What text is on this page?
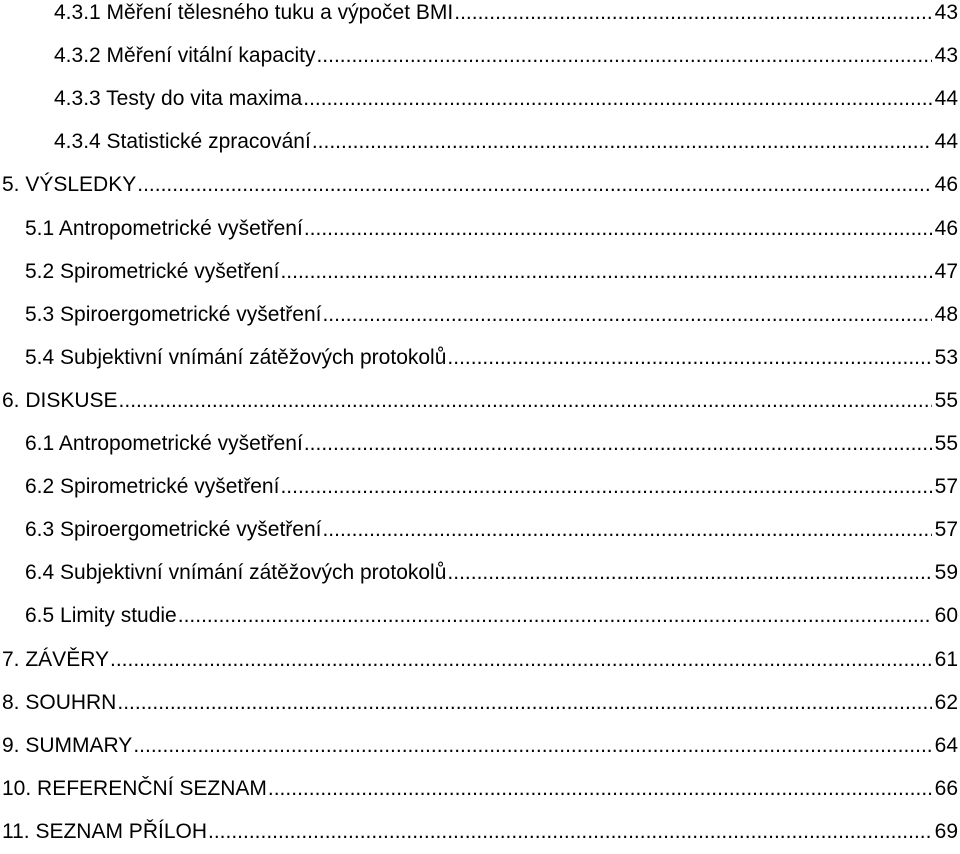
4.3.1 Měření tělesného tuku a výpočet BMI .....	43
4.3.2 Měření vitální kapacity .....	43
4.3.3 Testy do vita maxima .....	44
4.3.4 Statistické zpracování .....	44
5. VÝSLEDKY .....	46
5.1 Antropometrické vyšetření .....	46
5.2 Spirometrické vyšetření .....	47
5.3 Spiroergometrické vyšetření .....	48
5.4 Subjektivní vnímání zátěžových protokolů .....	53
6. DISKUSE .....	55
6.1 Antropometrické vyšetření .....	55
6.2 Spirometrické vyšetření .....	57
6.3 Spiroergometrické vyšetření .....	57
6.4 Subjektivní vnímání zátěžových protokolů .....	59
6.5 Limity studie .....	60
7. ZÁVĚRY .....	61
8. SOUHRN .....	62
9. SUMMARY .....	64
10. REFERENČNÍ SEZNAM .....	66
11. SEZNAM PŘÍLOH .....	69
